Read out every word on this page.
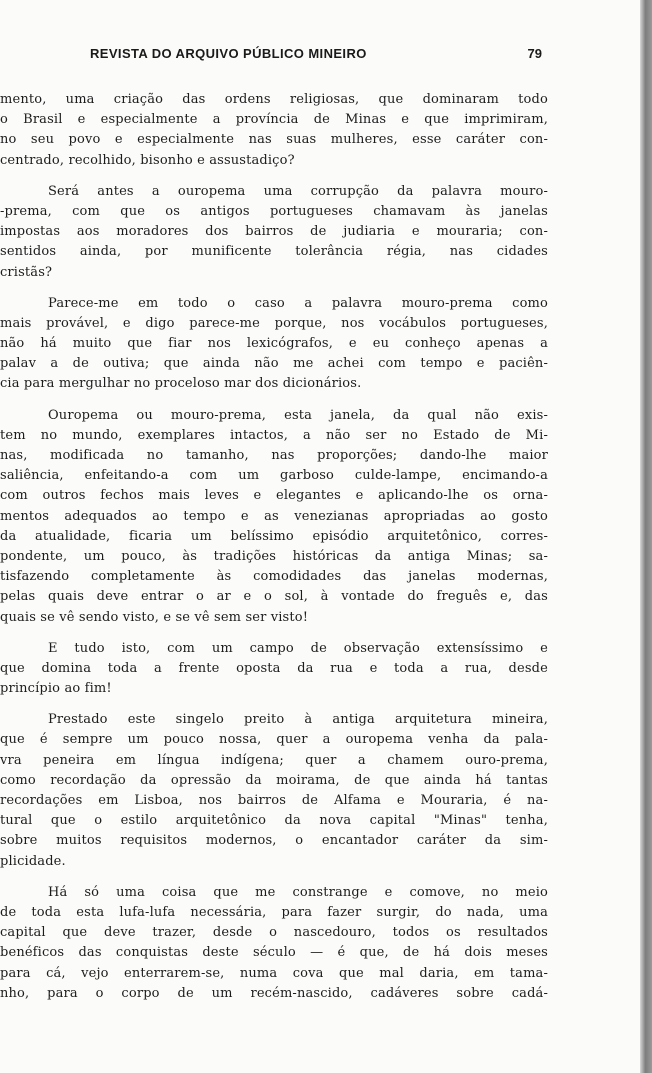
REVISTA DO ARQUIVO PÚBLICO MINEIRO	79
mento, uma criação das ordens religiosas, que dominaram todo
o Brasil e especialmente a província de Minas e que imprimiram,
no seu povo e especialmente nas suas mulheres, esse caráter con-
centrado, recolhido, bisonho e assustadiço?
Será antes a ouropema uma corrupção da palavra mouro-
-prema, com que os antigos portugueses chamavam às janelas
impostas aos moradores dos bairros de judiaria e mouraria; con-
sentidos ainda, por munificente tolerância régia, nas cidades
cristãs?
Parece-me em todo o caso a palavra mouro-prema como
mais provável, e digo parece-me porque, nos vocábulos portugueses,
não há muito que fiar nos lexicógrafos, e eu conheço apenas a
palav a de outiva; que ainda não me achei com tempo e paciên-
cia para mergulhar no proceloso mar dos dicionários.
Ouropema ou mouro-prema, esta janela, da qual não exis-
tem no mundo, exemplares intactos, a não ser no Estado de Mi-
nas, modificada no tamanho, nas proporções; dando-lhe maior
saliência, enfeitando-a com um garboso culde-lampe, encimando-a
com outros fechos mais leves e elegantes e aplicando-lhe os orna-
mentos adequados ao tempo e as venezianas apropriadas ao gosto
da atualidade, ficaria um belíssimo episódio arquitetônico, corres-
pondente, um pouco, às tradições históricas da antiga Minas; sa-
tisfazendo completamente às comodidades das janelas modernas,
pelas quais deve entrar o ar e o sol, à vontade do freguês e, das
quais se vê sendo visto, e se vê sem ser visto!
E tudo isto, com um campo de observação extensíssimo e
que domina toda a frente oposta da rua e toda a rua, desde
princípio ao fim!
Prestado este singelo preito à antiga arquitetura mineira,
que é sempre um pouco nossa, quer a ouropema venha da pala-
vra peneira em língua indígena; quer a chamem ouro-prema,
como recordação da opressão da moirama, de que ainda há tantas
recordações em Lisboa, nos bairros de Alfama e Mouraria, é na-
tural que o estilo arquitetônico da nova capital "Minas" tenha,
sobre muitos requisitos modernos, o encantador caráter da sim-
plicidade.
Há só uma coisa que me constrange e comove, no meio
de toda esta lufa-lufa necessária, para fazer surgir, do nada, uma
capital que deve trazer, desde o nascedouro, todos os resultados
benéficos das conquistas deste século — é que, de há dois meses
para cá, vejo enterrarem-se, numa cova que mal daria, em tama-
nho, para o corpo de um recém-nascido, cadáveres sobre cadá-
